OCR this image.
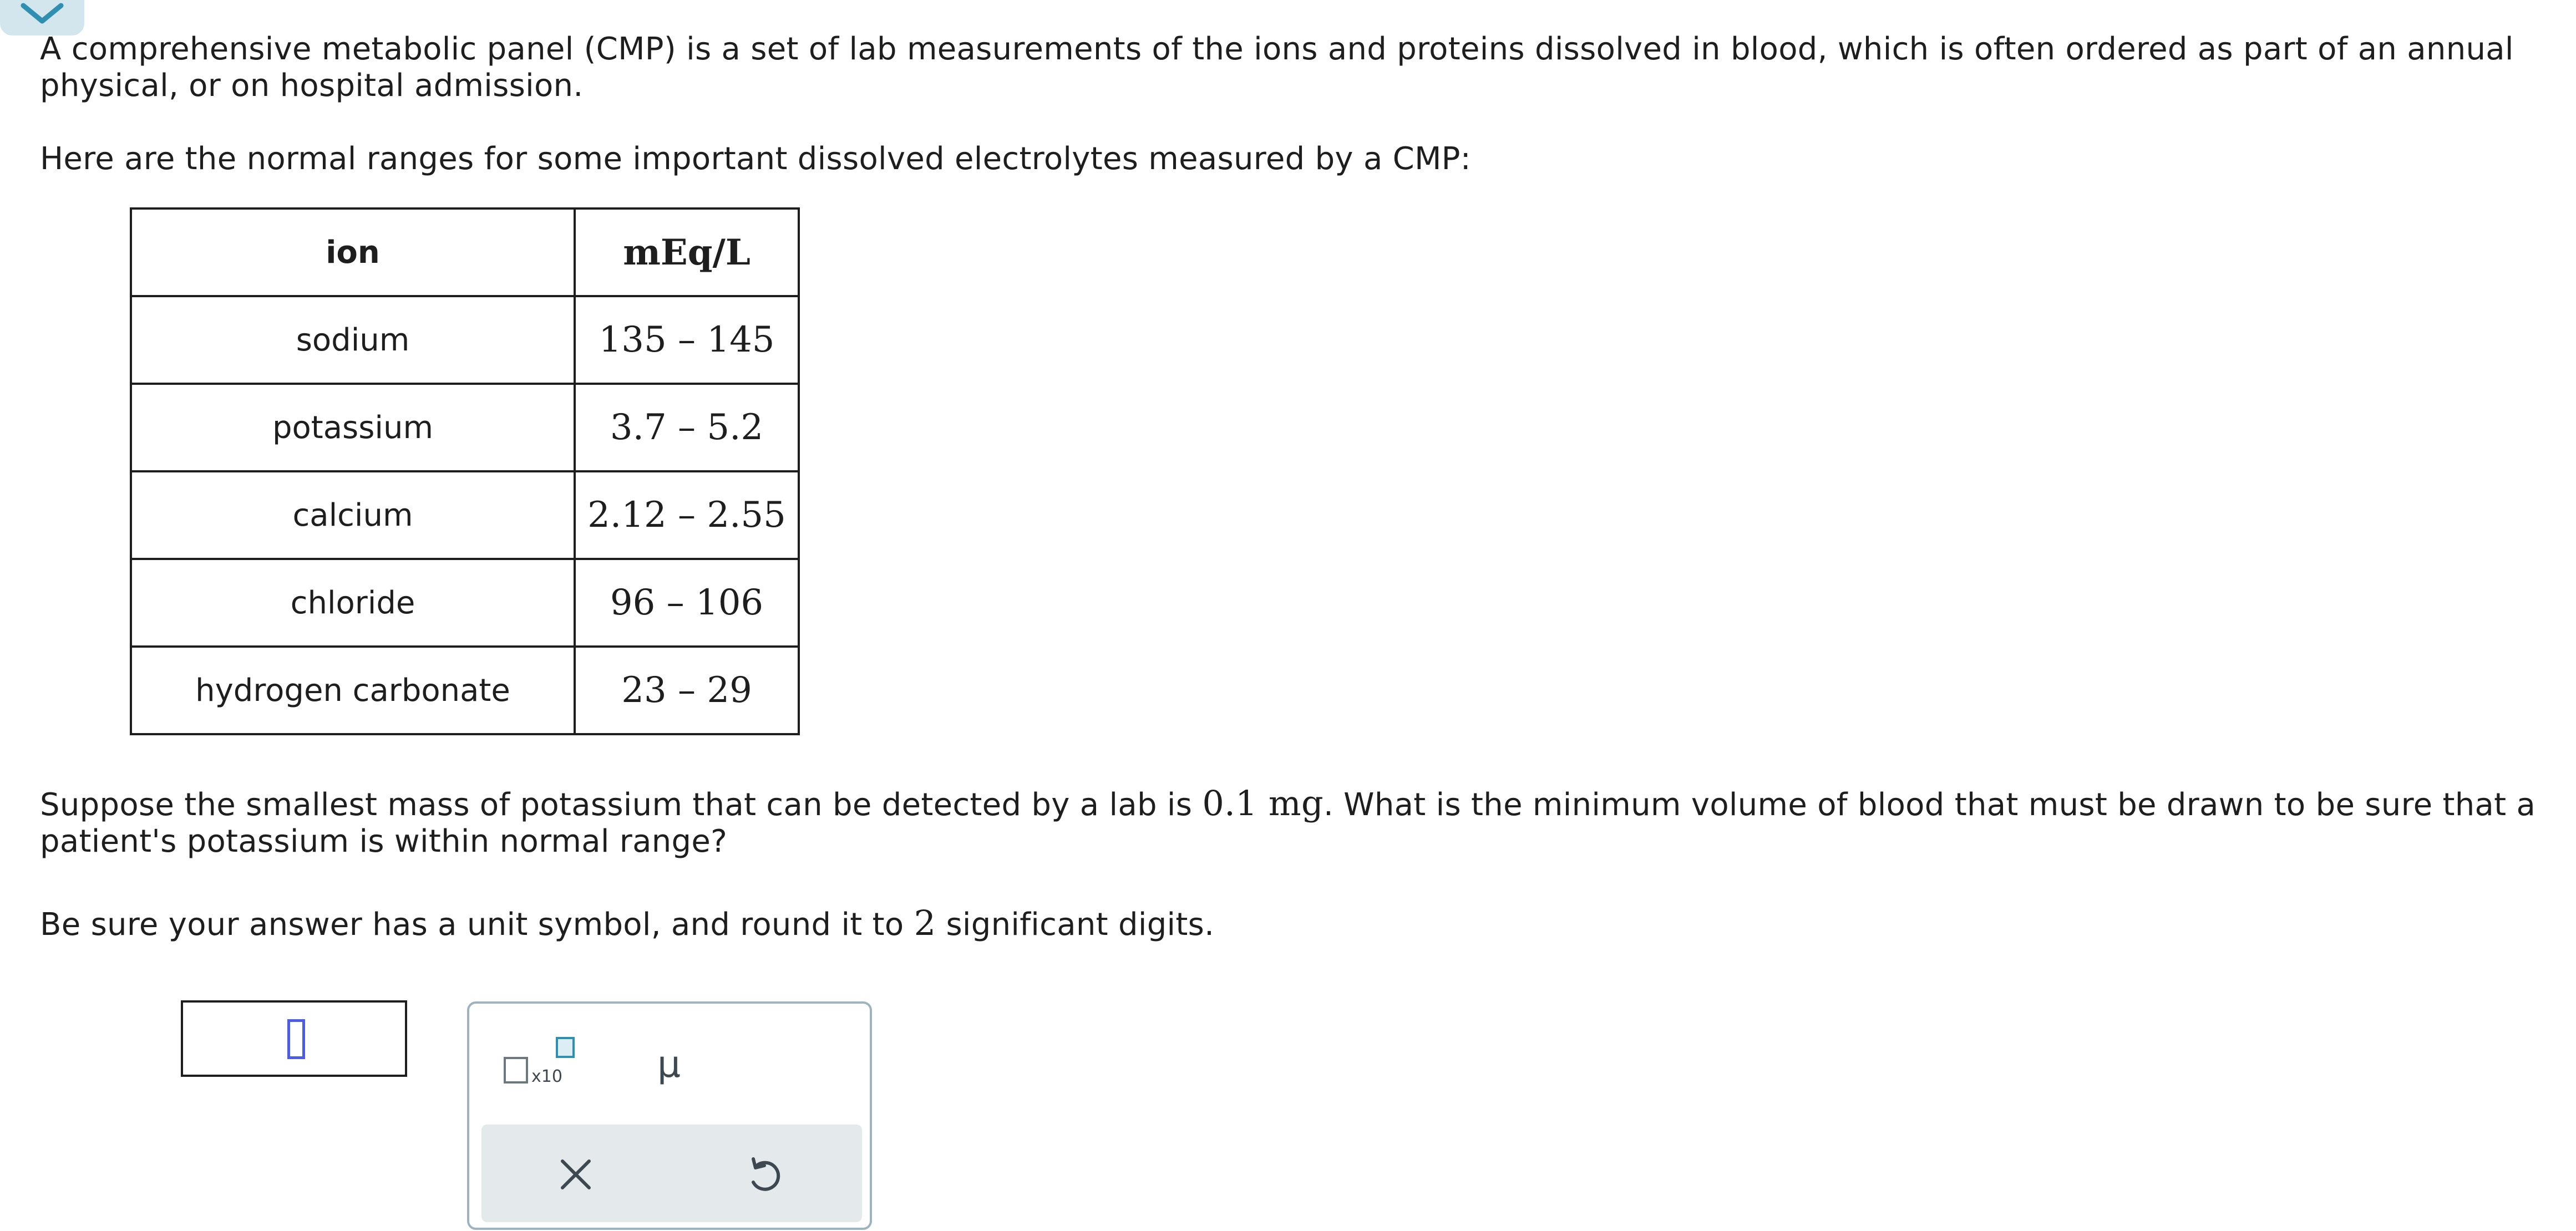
A comprehensive metabolic panel (CMP) is a set of lab measurements of the ions and proteins dissolved in blood, which is often ordered as part of an annual physical, or on hospital admission.

Here are the normal ranges for some important dissolved electrolytes measured by a CMP:

ion	mEq/L
sodium	135 – 145
potassium	3.7 – 5.2
calcium	2.12 – 2.55
chloride	96 – 106
hydrogen carbonate	23 – 29

Suppose the smallest mass of potassium that can be detected by a lab is 0.1 mg. What is the minimum volume of blood that must be drawn to be sure that a patient's potassium is within normal range?

Be sure your answer has a unit symbol, and round it to 2 significant digits.

x10	μ
